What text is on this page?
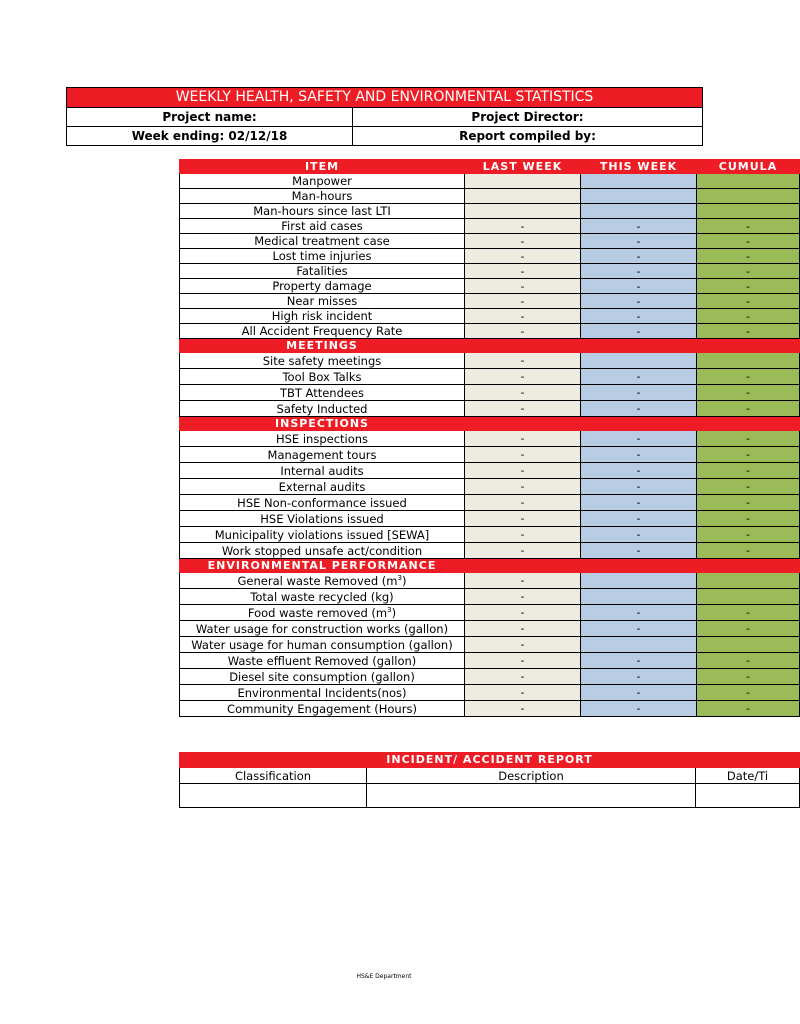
WEEKLY HEALTH, SAFETY AND ENVIRONMENTAL STATISTICS	
Project name:	Project Director:
Week ending: 02/12/18	Report compiled by:
ITEM	LAST WEEK	THIS WEEK	CUMULA
Manpower			
Man-hours			
Man-hours since last LTI			
First aid cases	-	-	-
Medical treatment case	-	-	-
Lost time injuries	-	-	-
Fatalities	-	-	-
Property damage	-	-	-
Near misses	-	-	-
High risk incident	-	-	-
All Accident Frequency Rate	-	-	-
MEETINGS			
Site safety meetings	-		
Tool Box Talks	-	-	-
TBT Attendees	-	-	-
Safety Inducted	-	-	-
INSPECTIONS			
HSE inspections	-	-	-
Management tours	-	-	-
Internal audits	-	-	-
External audits	-	-	-
HSE Non-conformance issued	-	-	-
HSE Violations issued	-	-	-
Municipality violations issued [SEWA]	-	-	-
Work stopped unsafe act/condition	-	-	-
ENVIRONMENTAL PERFORMANCE			
General waste Removed $(m^3)$	-		
Total waste recycled (kg)	-		
Food waste removed $(m^3)$	-	-	-
Water usage for construction works (gallon)	-	-	-
Water usage for human consumption (gallon)	-		
Waste effluent Removed (gallon)	-	-	-
Diesel site consumption (gallon)	-	-	-
Environmental Incidents(nos)	-	-	-
Community Engagement (Hours)	-	-	-
INCIDENT/ ACCIDENT REPORT		
Classification	Description	Date/Ti

HS&E Department
